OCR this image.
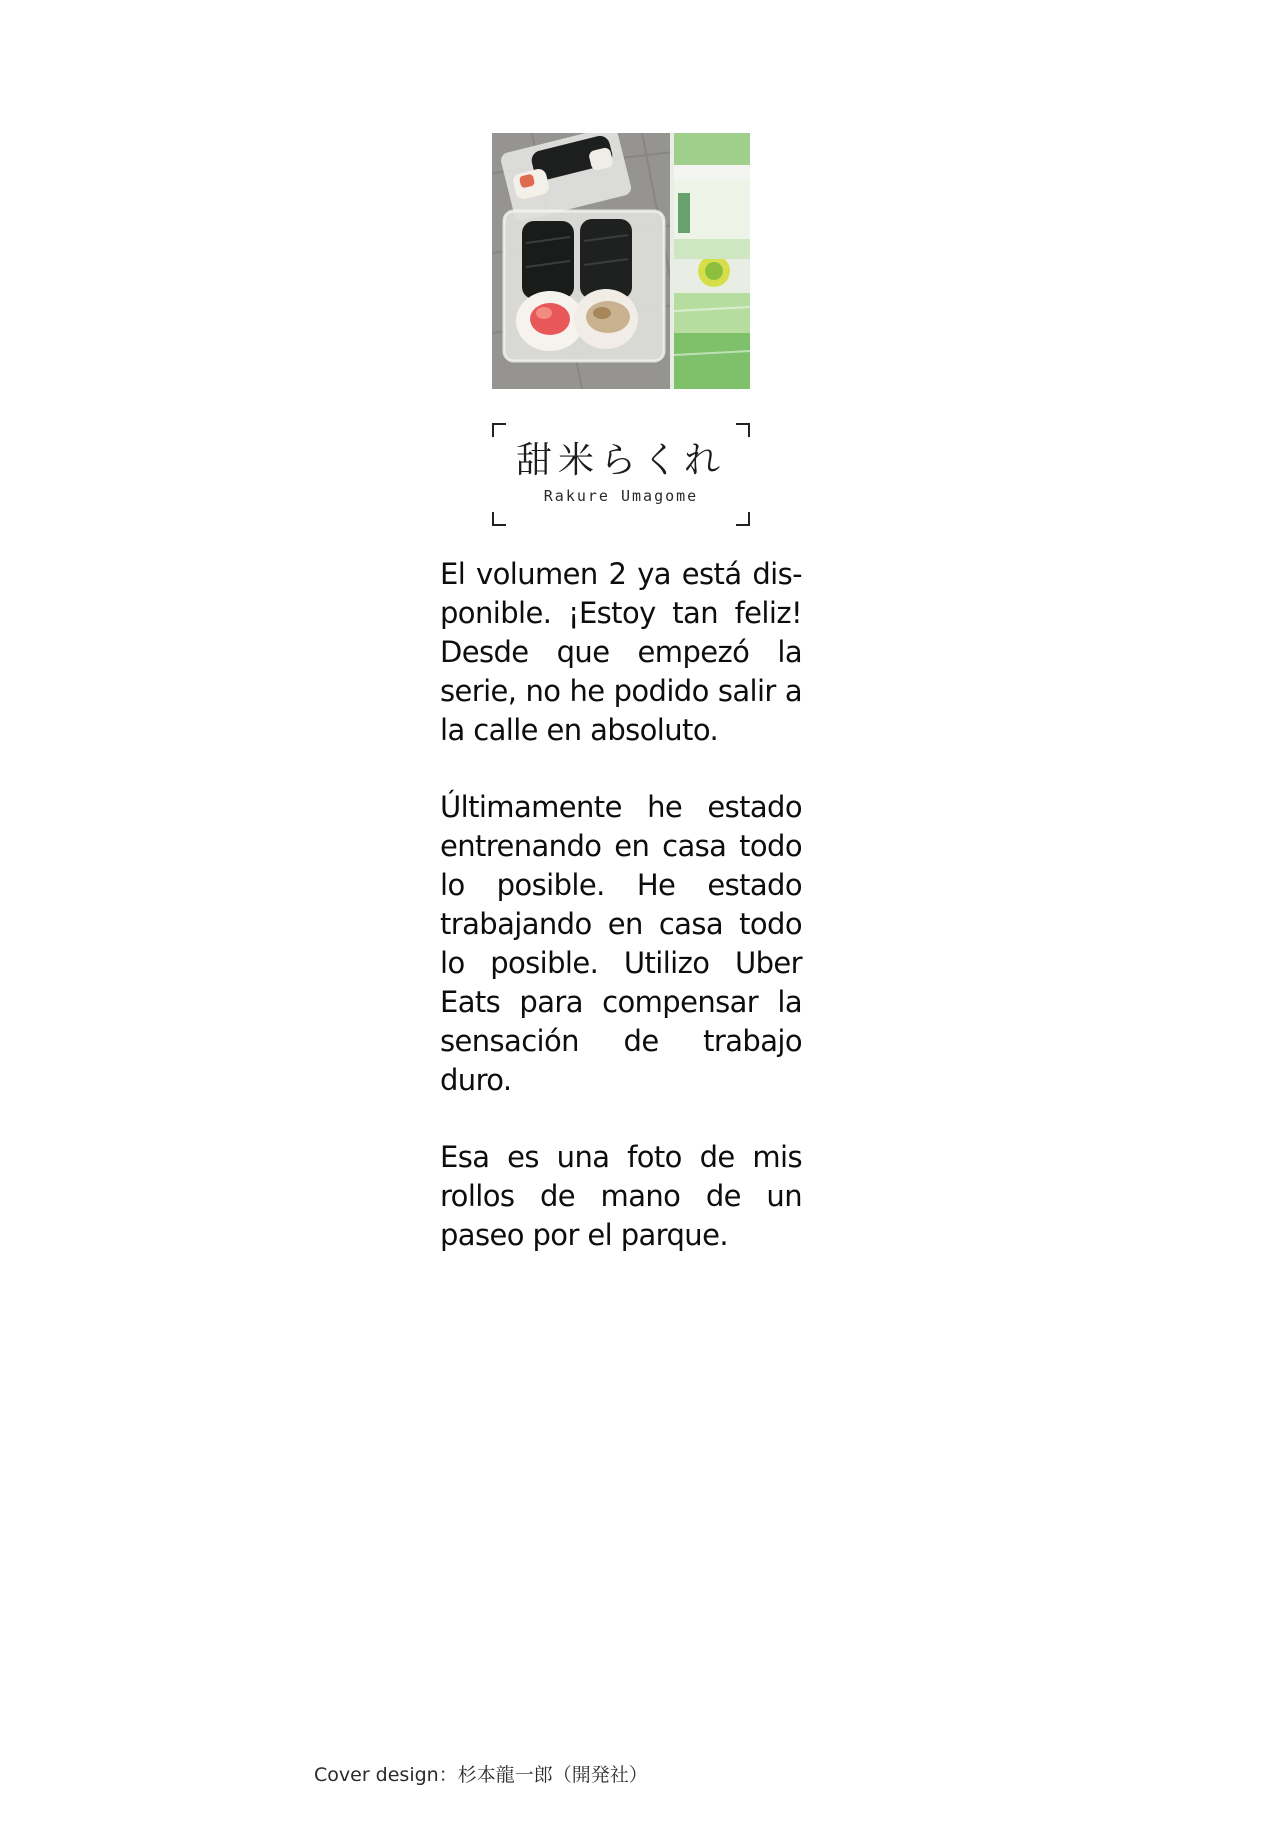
甜米らくれ
Rakure Umagome

El volumen 2 ya está dis-ponible. ¡Estoy tan feliz! Desde que empezó la serie, no he podido salir a la calle en absoluto.

Últimamente he estado entrenando en casa todo lo posible. He estado trabajando en casa todo lo posible. Utilizo Uber Eats para compensar la sensación de trabajo duro.

Esa es una foto de mis rollos de mano de un paseo por el parque.

Cover design：杉本龍一郎（開発社）
